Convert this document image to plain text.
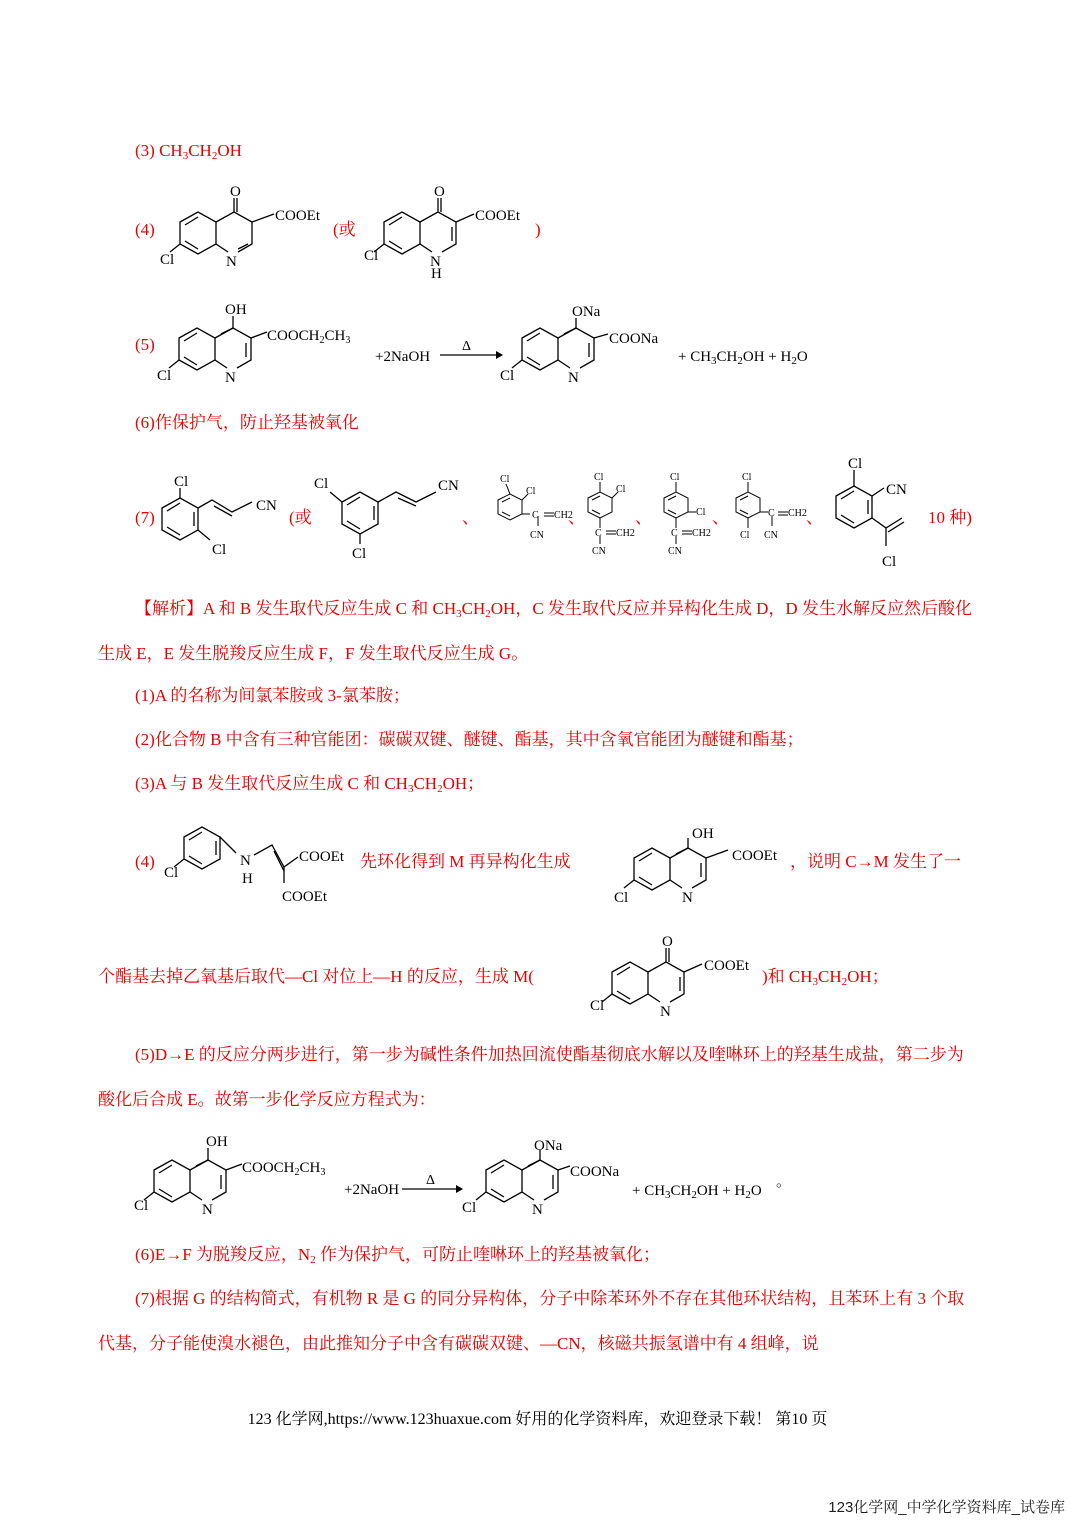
(3) $CH_3CH_2OH$
(4)
O
N
COOEt
Cl
(或
O
N
H
COOEt
Cl
)
(5)
OH
N
$COOCH_2CH_3$
Cl
+2NaOH
Δ
ONa
N
COONa
Cl
+ $CH_3CH_2OH + H_2O$
(6)作保护气，防止羟基被氧化
(7)
Cl
Cl
CN
(或
Cl
Cl
CN
、
Cl
Cl
C CH2
CN
、
Cl
Cl
C CH2
CN
、
Cl
Cl
C CH2
CN
、
Cl
Cl
C CH2
CN
、
Cl
CN
Cl
10 种)
【解析】A 和 B 发生取代反应生成 C 和 $CH_3CH_2OH$，C 发生取代反应并异构化生成 D，D 发生水解反应然后酸化生成 E，E 发生脱羧反应生成 F，F 发生取代反应生成 G。
(1)A 的名称为间氯苯胺或 3-氯苯胺；
(2)化合物 B 中含有三种官能团：碳碳双键、醚键、酯基，其中含氧官能团为醚键和酯基；
(3)A 与 B 发生取代反应生成 C 和 $CH_3CH_2OH$；
(4)
Cl
N
H
COOEt
COOEt
先环化得到 M 再异构化生成
OH
N
COOEt
Cl
，说明 C→M 发生了一
个酯基去掉乙氧基后取代—Cl 对位上—H 的反应，生成 M(
O
N
COOEt
Cl
)和 $CH_3CH_2OH$；
(5)D→E 的反应分两步进行，第一步为碱性条件加热回流使酯基彻底水解以及喹啉环上的羟基生成盐，第二步为酸化后合成 E。故第一步化学反应方程式为：
OH
N
$COOCH_2CH_3$
Cl
+2NaOH
Δ
ONa
N
COONa
Cl
+ $CH_3CH_2OH + H_2O$
。
(6)E→F 为脱羧反应，$N_2$ 作为保护气，可防止喹啉环上的羟基被氧化；
(7)根据 G 的结构简式，有机物 R 是 G 的同分异构体，分子中除苯环外不存在其他环状结构，且苯环上有 3 个取代基，分子能使溴水褪色，由此推知分子中含有碳碳双键、—CN，核磁共振氢谱中有 4 组峰，说
123 化学网,https://www.123huaxue.com 好用的化学资料库，欢迎登录下载！ 第10 页
123化学网_中学化学资料库_试卷库
